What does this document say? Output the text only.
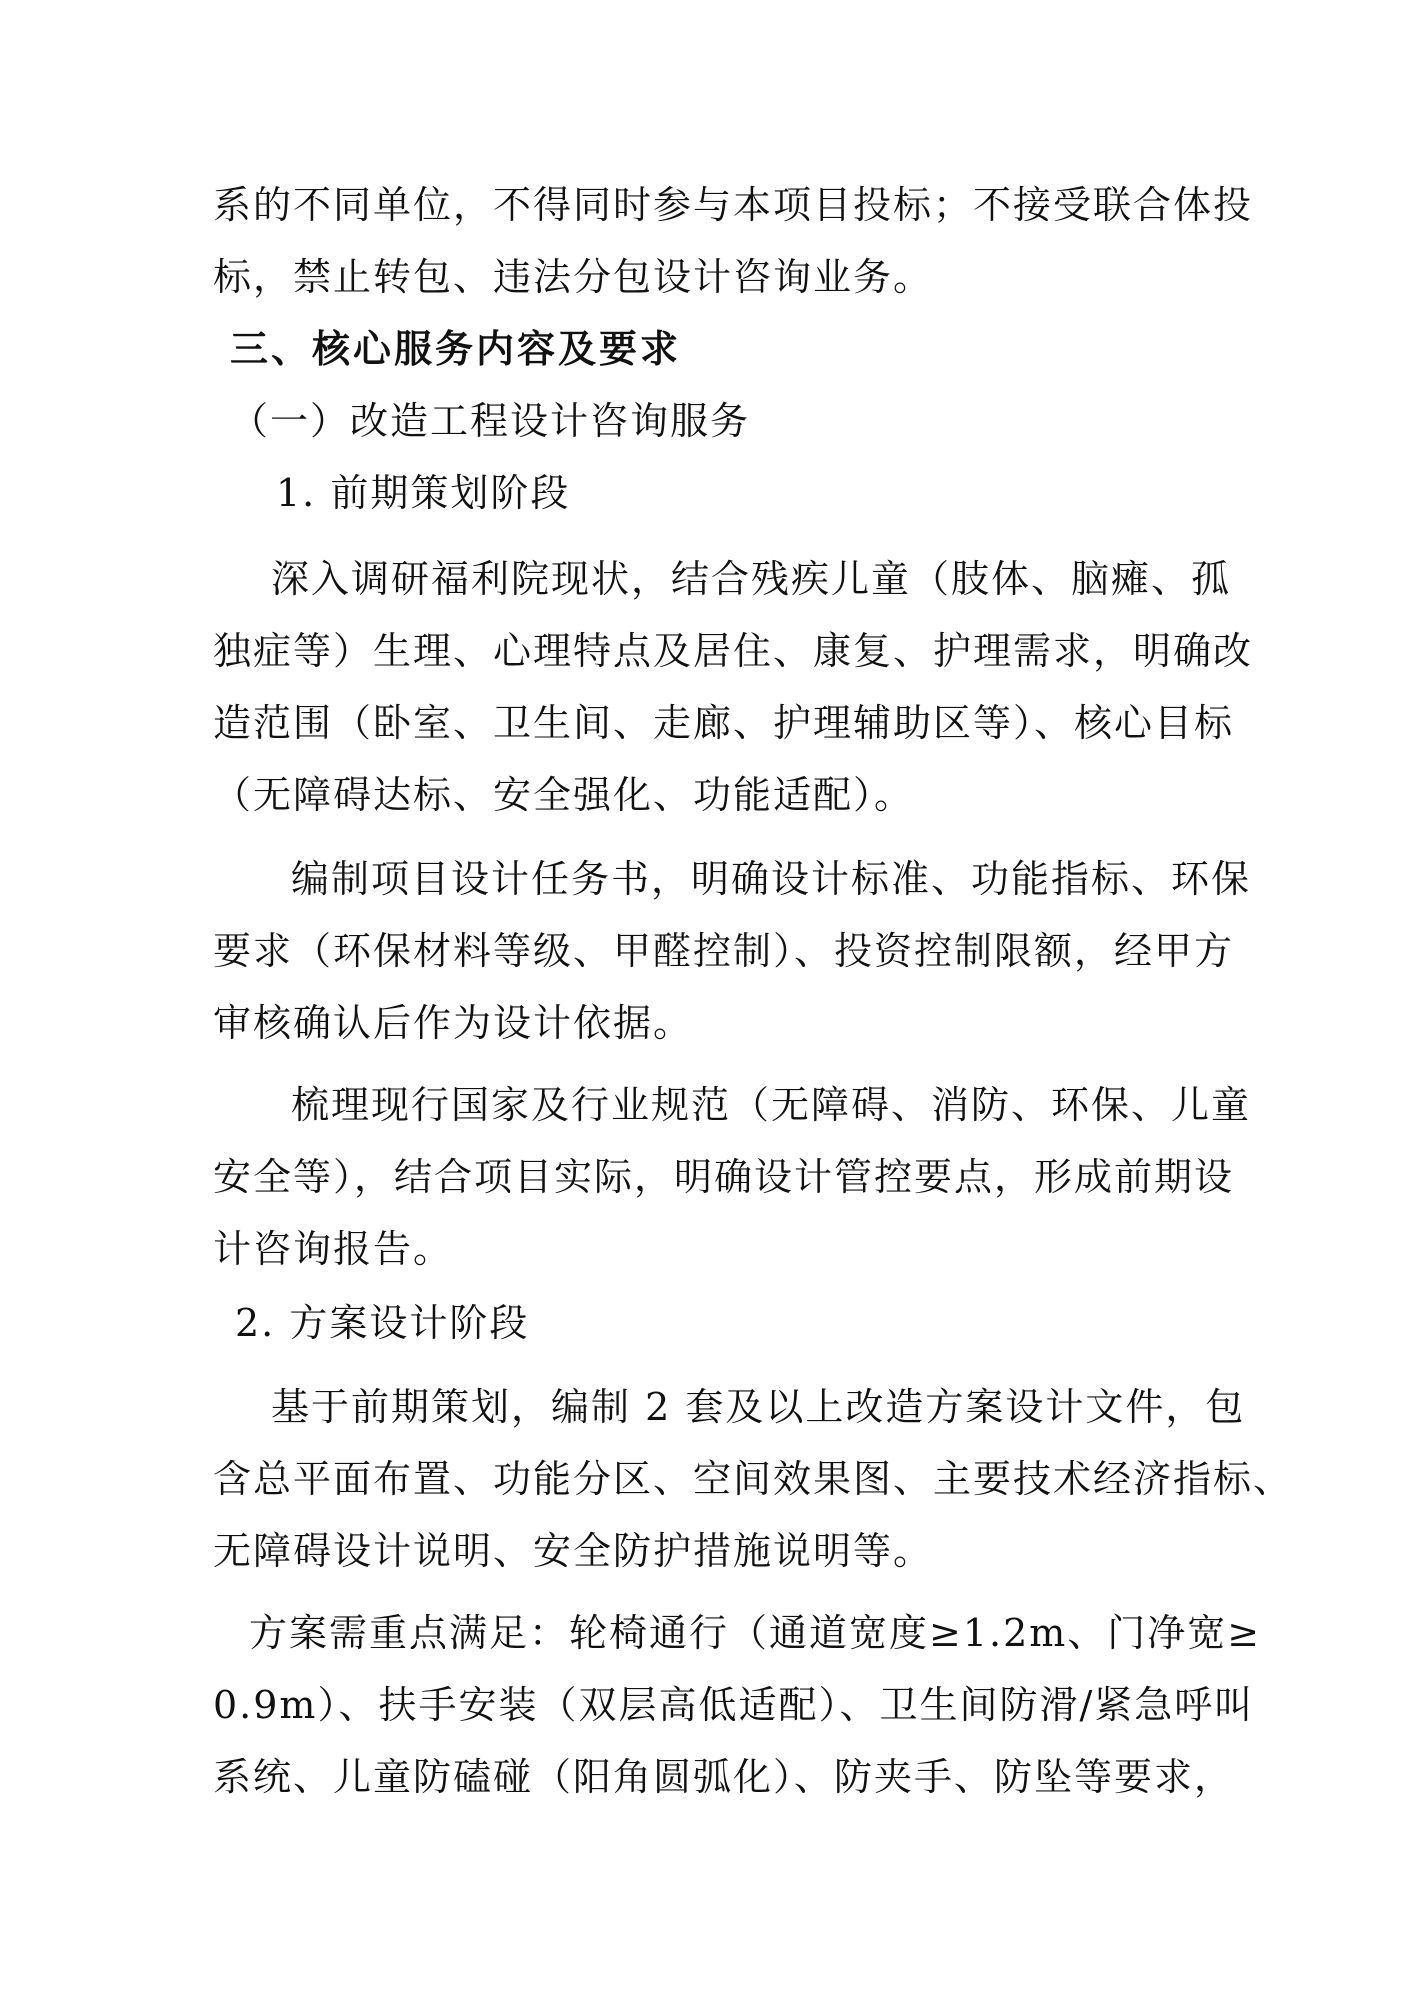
系的不同单位，不得同时参与本项目投标；不接受联合体投
标，禁止转包、违法分包设计咨询业务。
三、核心服务内容及要求
（一）改造工程设计咨询服务
1. 前期策划阶段
深入调研福利院现状，结合残疾儿童（肢体、脑瘫、孤
独症等）生理、心理特点及居住、康复、护理需求，明确改
造范围（卧室、卫生间、走廊、护理辅助区等）、核心目标
（无障碍达标、安全强化、功能适配）。
编制项目设计任务书，明确设计标准、功能指标、环保
要求（环保材料等级、甲醛控制）、投资控制限额，经甲方
审核确认后作为设计依据。
梳理现行国家及行业规范（无障碍、消防、环保、儿童
安全等），结合项目实际，明确设计管控要点，形成前期设
计咨询报告。
2. 方案设计阶段
基于前期策划，编制 2 套及以上改造方案设计文件，包
含总平面布置、功能分区、空间效果图、主要技术经济指标、
无障碍设计说明、安全防护措施说明等。
方案需重点满足：轮椅通行（通道宽度≥1.2m、门净宽≥
0.9m）、扶手安装（双层高低适配）、卫生间防滑/紧急呼叫
系统、儿童防磕碰（阳角圆弧化）、防夹手、防坠等要求，
